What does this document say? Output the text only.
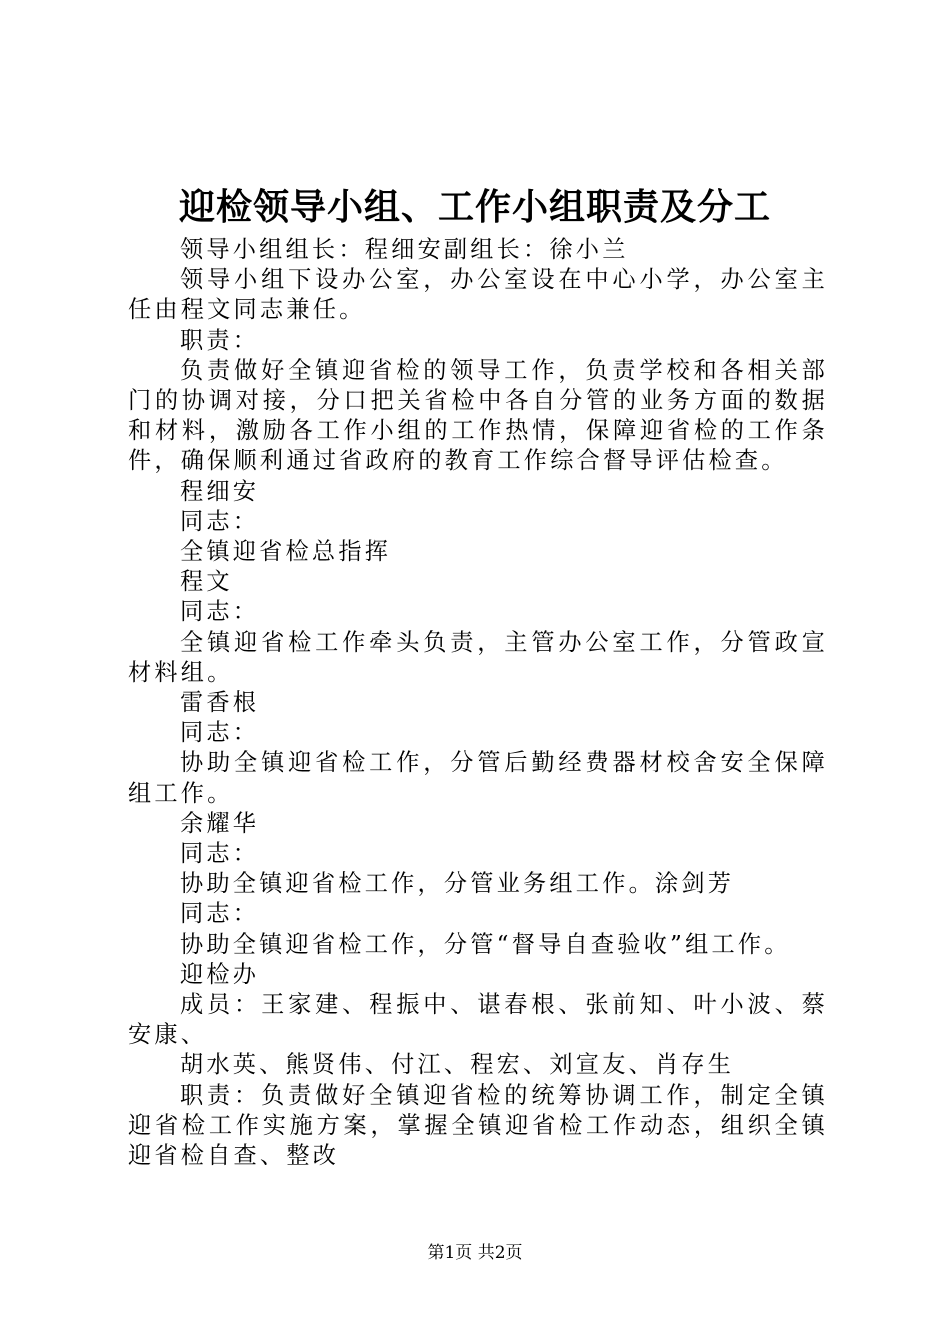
迎检领导小组、工作小组职责及分工

领导小组组长：程细安副组长：徐小兰

领导小组下设办公室，办公室设在中心小学，办公室主任由程文同志兼任。

职责：

负责做好全镇迎省检的领导工作，负责学校和各相关部门的协调对接，分口把关省检中各自分管的业务方面的数据和材料，激励各工作小组的工作热情，保障迎省检的工作条件，确保顺利通过省政府的教育工作综合督导评估检查。

程细安

同志：

全镇迎省检总指挥

程文

同志：

全镇迎省检工作牵头负责，主管办公室工作，分管政宣材料组。

雷香根

同志：

协助全镇迎省检工作，分管后勤经费器材校舍安全保障组工作。

余耀华

同志：

协助全镇迎省检工作，分管业务组工作。涂剑芳

同志：

协助全镇迎省检工作，分管“督导自查验收”组工作。

迎检办

成员：王家建、程振中、谌春根、张前知、叶小波、蔡安康、

胡水英、熊贤伟、付江、程宏、刘宣友、肖存生

职责：负责做好全镇迎省检的统筹协调工作，制定全镇迎省检工作实施方案，掌握全镇迎省检工作动态，组织全镇迎省检自查、整改

第1页 共2页
